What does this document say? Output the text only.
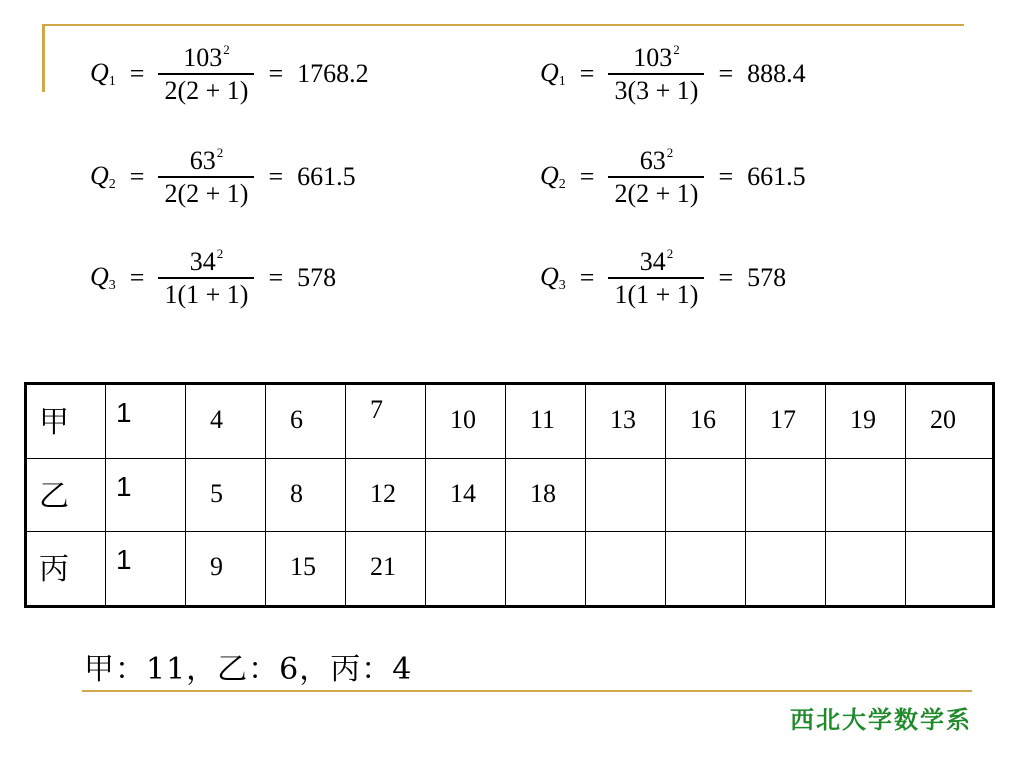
$Q_1 = \frac{103^2}{2(2 + 1)} = 1768.2$
$Q_2 = \frac{63^2}{2(2 + 1)} = 661.5$
$Q_3 = \frac{34^2}{1(1 + 1)} = 578$
$Q_1 = \frac{103^2}{3(3 + 1)} = 888.4$
$Q_2 = \frac{63^2}{2(2 + 1)} = 661.5$
$Q_3 = \frac{34^2}{1(1 + 1)} = 578$
甲	1	4	6	7	10	11	13	16	17	19	20

乙	1	5	8	12	14	18					

丙	1	9	15	21							

甲：11，乙：6，丙：4
西北大学数学系
